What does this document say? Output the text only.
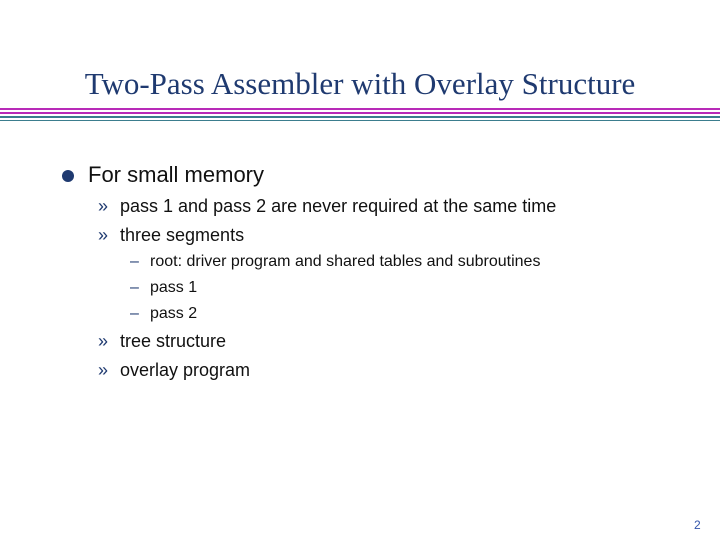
Two-Pass Assembler with Overlay Structure
For small memory
» pass 1 and pass 2 are never required at the same time
» three segments
– root: driver program and shared tables and subroutines
– pass 1
– pass 2
» tree structure
» overlay program
2
